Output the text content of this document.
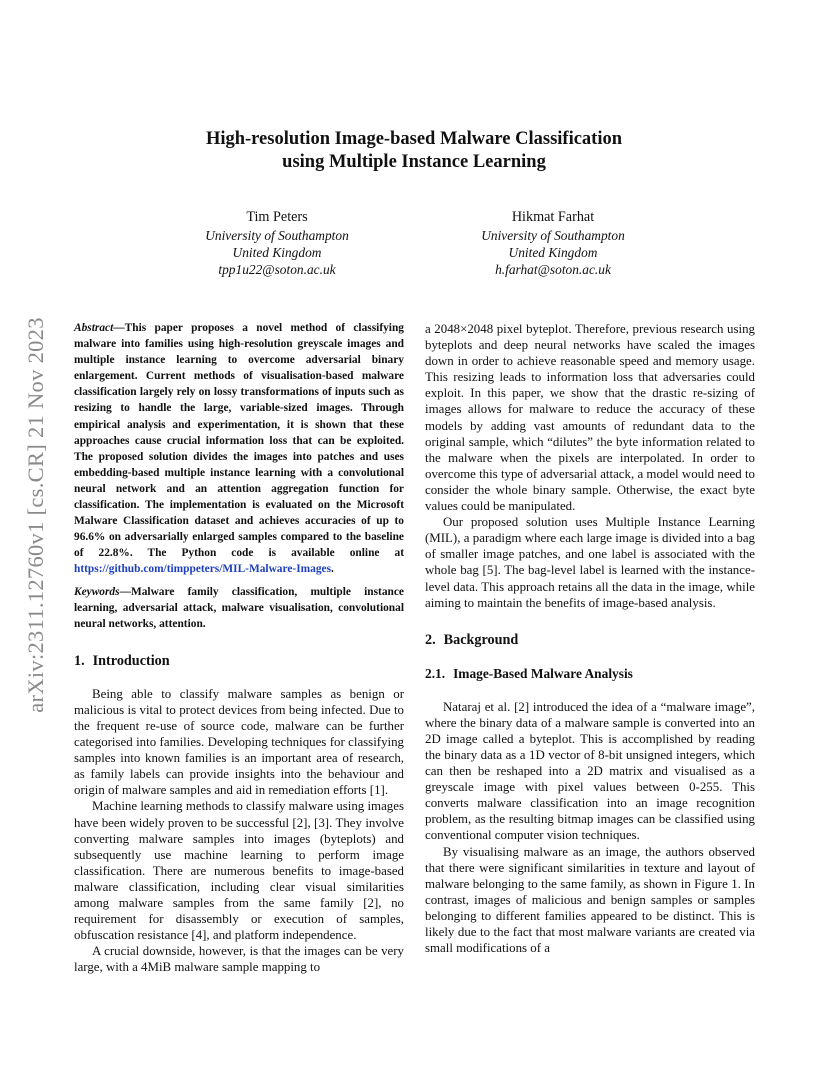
arXiv:2311.12760v1 [cs.CR] 21 Nov 2023
High-resolution Image-based Malware Classification
using Multiple Instance Learning
Tim Peters
University of Southampton
United Kingdom
tpp1u22@soton.ac.uk
Hikmat Farhat
University of Southampton
United Kingdom
h.farhat@soton.ac.uk

Abstract—This paper proposes a novel method of classifying malware into families using high-resolution greyscale images and multiple instance learning to overcome adversarial binary enlargement. Current methods of visualisation-based malware classification largely rely on lossy transformations of inputs such as resizing to handle the large, variable-sized images. Through empirical analysis and experimentation, it is shown that these approaches cause crucial information loss that can be exploited. The proposed solution divides the images into patches and uses embedding-based multiple instance learning with a convolutional neural network and an attention aggregation function for classification. The implementation is evaluated on the Microsoft Malware Classification dataset and achieves accuracies of up to 96.6% on adversarially enlarged samples compared to the baseline of 22.8%. The Python code is available online at https://github.com/timppeters/MIL-Malware-Images.

Keywords—Malware family classification, multiple instance learning, adversarial attack, malware visualisation, convolutional neural networks, attention.

1. Introduction

Being able to classify malware samples as benign or malicious is vital to protect devices from being infected. Due to the frequent re-use of source code, malware can be further categorised into families. Developing techniques for classifying samples into known families is an important area of research, as family labels can provide insights into the behaviour and origin of malware samples and aid in remediation efforts [1].

Machine learning methods to classify malware using images have been widely proven to be successful [2], [3]. They involve converting malware samples into images (byteplots) and subsequently use machine learning to perform image classification. There are numerous benefits to image-based malware classification, including clear visual similarities among malware samples from the same family [2], no requirement for disassembly or execution of samples, obfuscation resistance [4], and platform independence.

A crucial downside, however, is that the images can be very large, with a 4MiB malware sample mapping to

a 2048×2048 pixel byteplot. Therefore, previous research using byteplots and deep neural networks have scaled the images down in order to achieve reasonable speed and memory usage. This resizing leads to information loss that adversaries could exploit. In this paper, we show that the drastic re-sizing of images allows for malware to reduce the accuracy of these models by adding vast amounts of redundant data to the original sample, which “dilutes” the byte information related to the malware when the pixels are interpolated. In order to overcome this type of adversarial attack, a model would need to consider the whole binary sample. Otherwise, the exact byte values could be manipulated.

Our proposed solution uses Multiple Instance Learning (MIL), a paradigm where each large image is divided into a bag of smaller image patches, and one label is associated with the whole bag [5]. The bag-level label is learned with the instance-level data. This approach retains all the data in the image, while aiming to maintain the benefits of image-based analysis.

2. Background
2.1. Image-Based Malware Analysis

Nataraj et al. [2] introduced the idea of a “malware image”, where the binary data of a malware sample is converted into an 2D image called a byteplot. This is accomplished by reading the binary data as a 1D vector of 8-bit unsigned integers, which can then be reshaped into a 2D matrix and visualised as a greyscale image with pixel values between 0-255. This converts malware classification into an image recognition problem, as the resulting bitmap images can be classified using conventional computer vision techniques.

By visualising malware as an image, the authors observed that there were significant similarities in texture and layout of malware belonging to the same family, as shown in Figure 1. In contrast, images of malicious and benign samples or samples belonging to different families appeared to be distinct. This is likely due to the fact that most malware variants are created via small modifications of a
